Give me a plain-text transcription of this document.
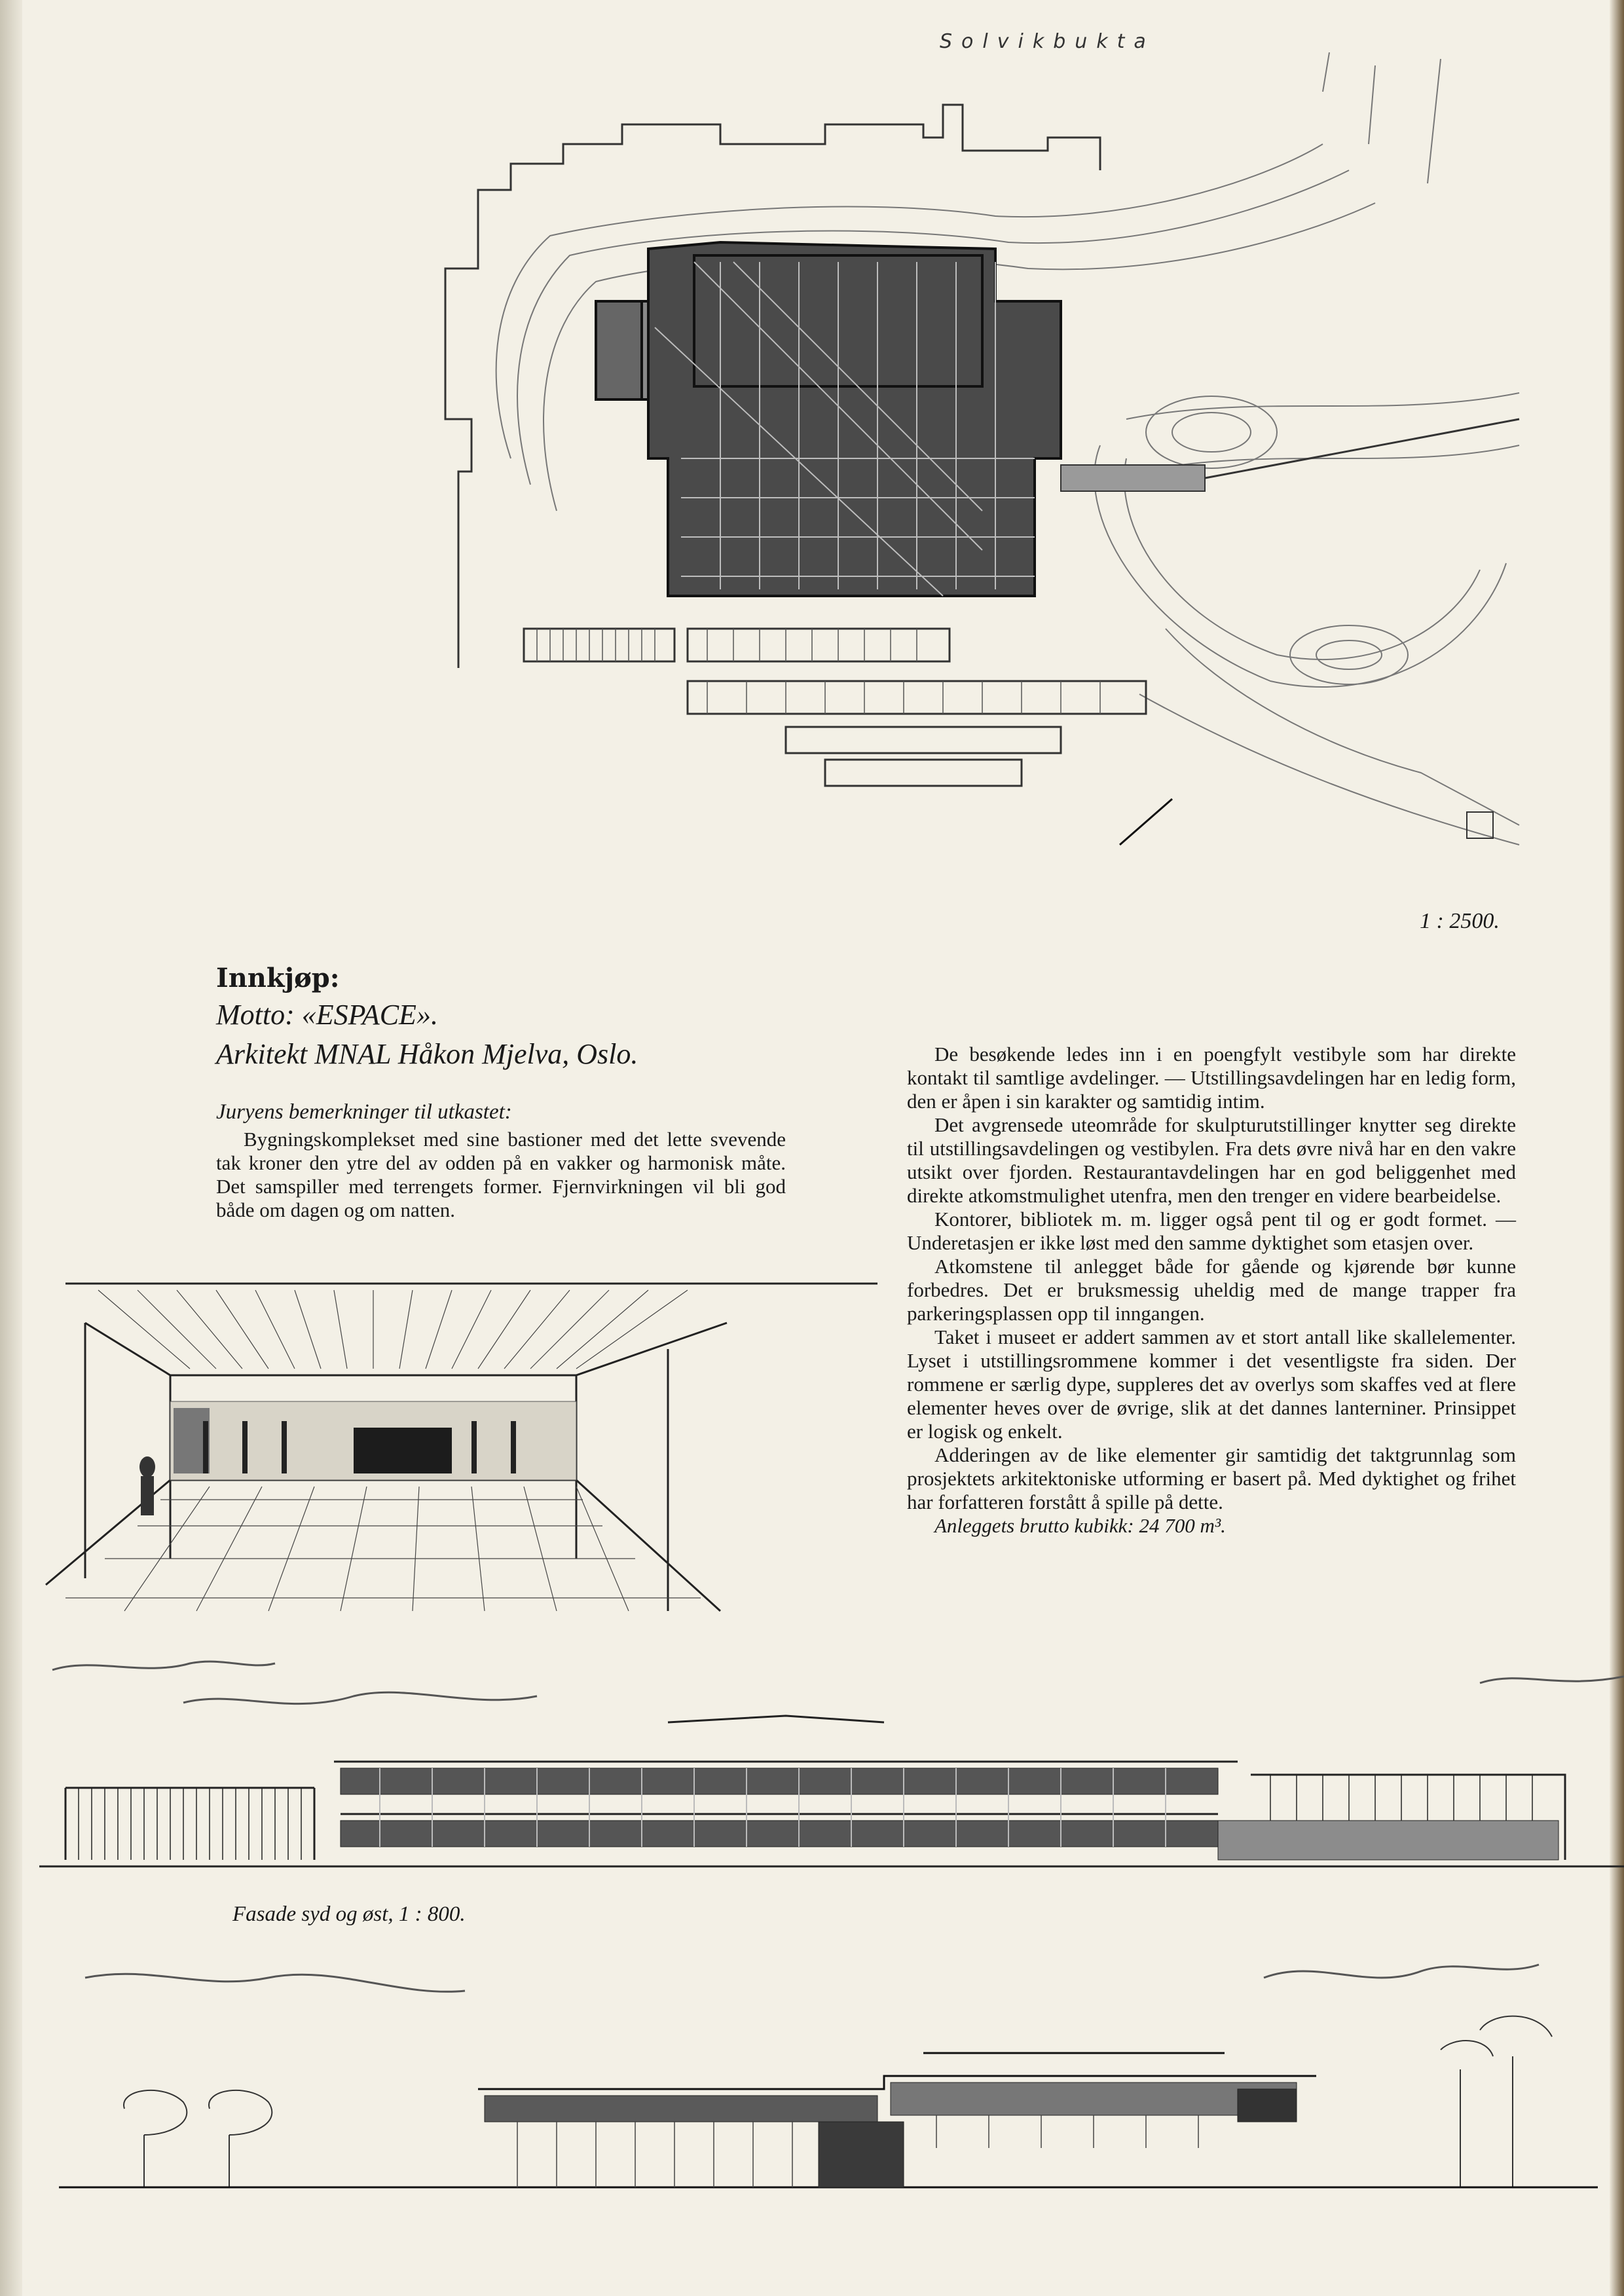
Solvikbukta
1 : 2500.
Innkjøp:
Motto: «ESPACE».
Arkitekt MNAL Håkon Mjelva, Oslo.
Juryens bemerkninger til utkastet:

Bygningskomplekset med sine bastioner med det lette svevende tak kroner den ytre del av odden på en vakker og harmonisk måte. Det samspiller med terrengets former. Fjernvirkningen vil bli god både om dagen og om natten.

De besøkende ledes inn i en poengfylt vestibyle som har direkte kontakt til samtlige avdelinger. — Utstillingsavdelingen har en ledig form, den er åpen i sin karakter og samtidig intim.

Det avgrensede uteområde for skulpturutstillinger knytter seg direkte til utstillingsavdelingen og vestibylen. Fra dets øvre nivå har en den vakre utsikt over fjorden. Restaurantavdelingen har en god beliggenhet med direkte atkomstmulighet utenfra, men den trenger en videre bearbeidelse.

Kontorer, bibliotek m. m. ligger også pent til og er godt formet. — Underetasjen er ikke løst med den samme dyktighet som etasjen over.

Atkomstene til anlegget både for gående og kjørende bør kunne forbedres. Det er bruksmessig uheldig med de mange trapper fra parkeringsplassen opp til inngangen.

Taket i museet er addert sammen av et stort antall like skallelementer. Lyset i utstillingsrommene kommer i det vesentligste fra siden. Der rommene er særlig dype, suppleres det av overlys som skaffes ved at flere elementer heves over de øvrige, slik at det dannes lanterniner. Prinsippet er logisk og enkelt.

Adderingen av de like elementer gir samtidig det taktgrunnlag som prosjektets arkitektoniske utforming er basert på. Med dyktighet og frihet har forfatteren forstått å spille på dette.

Anleggets brutto kubikk: 24 700 m³.

Fasade syd og øst, 1 : 800.
